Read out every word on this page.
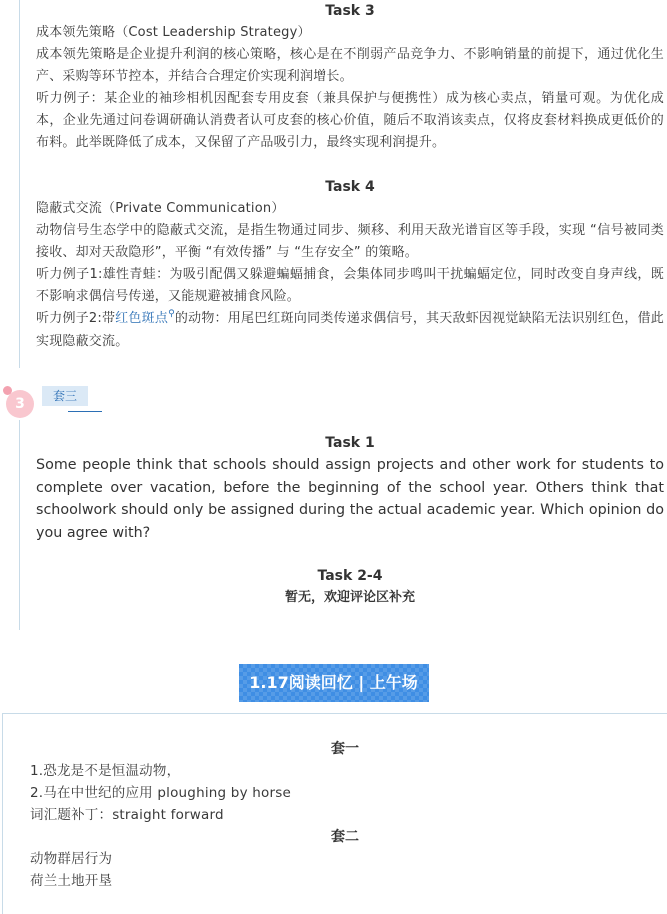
Task 3

成本领先策略（Cost Leadership Strategy）

成本领先策略是企业提升利润的核心策略，核心是在不削弱产品竞争力、不影响销量的前提下，通过优化生产、采购等环节控本，并结合合理定价实现利润增长。

听力例子：某企业的袖珍相机因配套专用皮套（兼具保护与便携性）成为核心卖点，销量可观。为优化成本，企业先通过问卷调研确认消费者认可皮套的核心价值，随后不取消该卖点，仅将皮套材料换成更低价的布料。此举既降低了成本，又保留了产品吸引力，最终实现利润提升。

Task 4

隐蔽式交流（Private Communication）

动物信号生态学中的隐蔽式交流，是指生物通过同步、频移、利用天敌光谱盲区等手段，实现 “信号被同类接收、却对天敌隐形”，平衡 “有效传播” 与 “生存安全” 的策略。

听力例子1:雄性青蛙：为吸引配偶又躲避蝙蝠捕食，会集体同步鸣叫干扰蝙蝠定位，同时改变自身声线，既不影响求偶信号传递，又能规避被捕食风险。

听力例子2:带红色斑点⚲的动物：用尾巴红斑向同类传递求偶信号，其天敌虾因视觉缺陷无法识别红色，借此实现隐蔽交流。

3	套三

Task 1

Some people think that schools should assign projects and other work for students to complete over vacation, before the beginning of the school year. Others think that schoolwork should only be assigned during the actual academic year. Which opinion do you agree with?

Task 2-4

暂无，欢迎评论区补充

1.17阅读回忆 | 上午场

套一

1.恐龙是不是恒温动物，

2.马在中世纪的应用 ploughing by horse

词汇题补丁：straight forward

套二

动物群居行为

荷兰土地开垦
